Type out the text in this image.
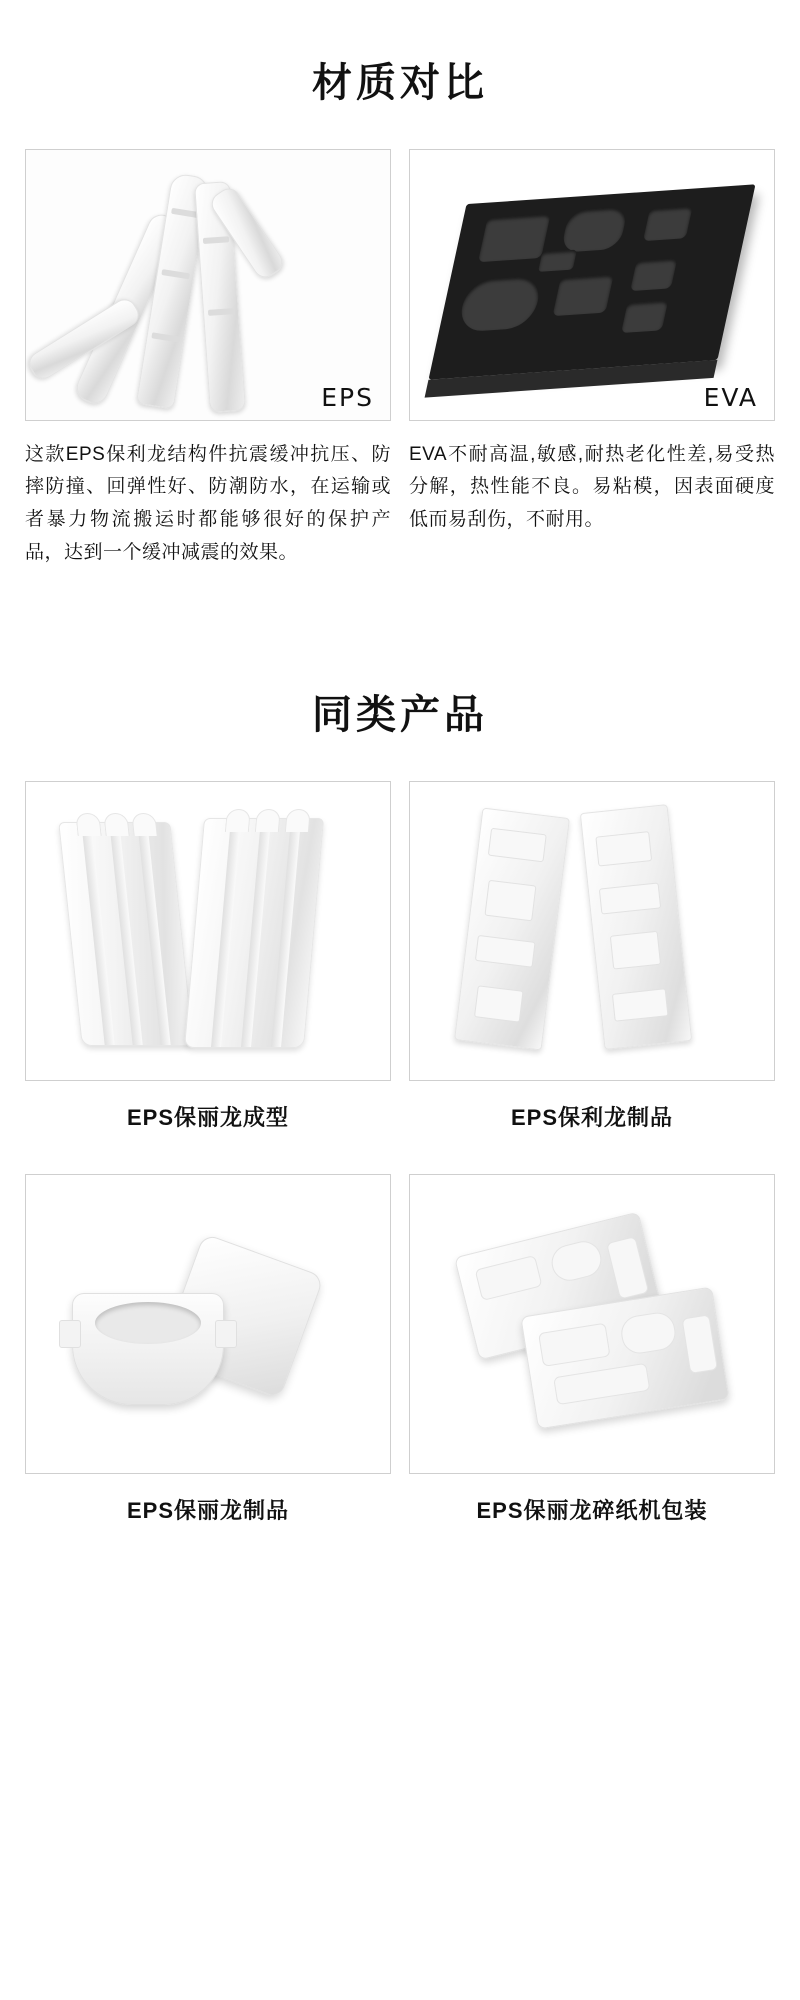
材质对比
EPS

这款EPS保利龙结构件抗震缓冲抗压、防摔防撞、回弹性好、防潮防水，在运输或者暴力物流搬运时都能够很好的保护产品，达到一个缓冲减震的效果。

EVA

EVA不耐高温,敏感,耐热老化性差,易受热分解，热性能不良。易粘模，因表面硬度低而易刮伤，不耐用。

同类产品
EPS保丽龙成型	EPS保利龙制品
EPS保丽龙制品	EPS保丽龙碎纸机包装
